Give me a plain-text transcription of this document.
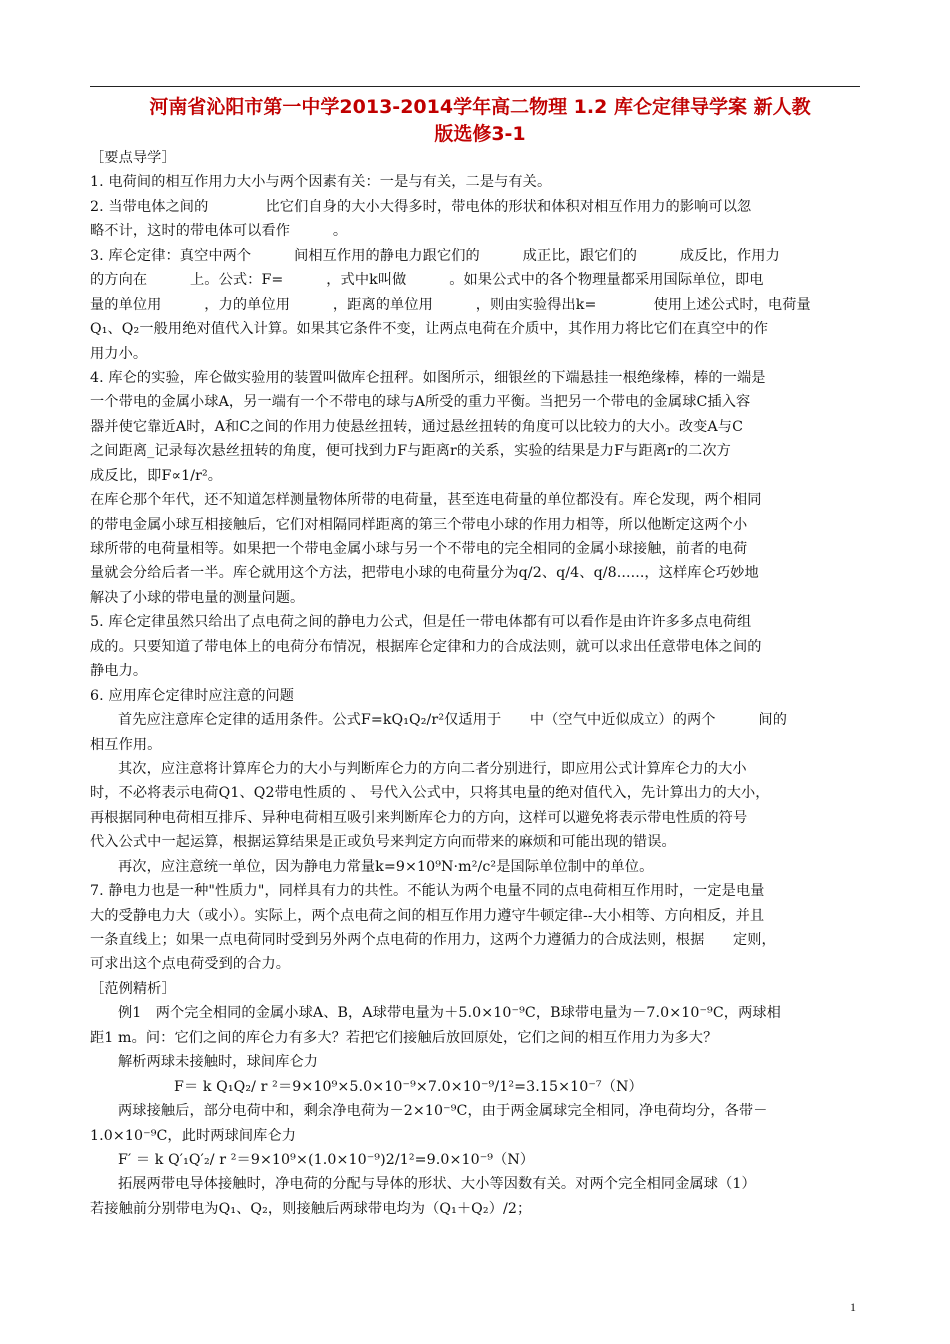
河南省沁阳市第一中学2013-2014学年高二物理 1.2 库仑定律导学案 新人教
版选修3-1
［要点导学］
1. 电荷间的相互作用力大小与两个因素有关：一是与有关，二是与有关。
2. 当带电体之间的　　　　比它们自身的大小大得多时，带电体的形状和体积对相互作用力的影响可以忽
略不计，这时的带电体可以看作　　　。
3. 库仑定律：真空中两个　　　间相互作用的静电力跟它们的　　　成正比，跟它们的　　　成反比，作用力
的方向在　　　上。公式：F=　　　，式中k叫做　　　。如果公式中的各个物理量都采用国际单位，即电
量的单位用　　　，力的单位用　　　，距离的单位用　　　，则由实验得出k=　　　　使用上述公式时，电荷量
Q₁、Q₂一般用绝对值代入计算。如果其它条件不变，让两点电荷在介质中，其作用力将比它们在真空中的作
用力小。
4. 库仑的实验，库仑做实验用的装置叫做库仑扭秤。如图所示，细银丝的下端悬挂一根绝缘棒，棒的一端是
一个带电的金属小球A，另一端有一个不带电的球与A所受的重力平衡。当把另一个带电的金属球C插入容
器并使它靠近A时，A和C之间的作用力使悬丝扭转，通过悬丝扭转的角度可以比较力的大小。改变A与C
之间距离_记录每次悬丝扭转的角度，便可找到力F与距离r的关系，实验的结果是力F与距离r的二次方
成反比，即F∝1/r²。
在库仑那个年代，还不知道怎样测量物体所带的电荷量，甚至连电荷量的单位都没有。库仑发现，两个相同
的带电金属小球互相接触后，它们对相隔同样距离的第三个带电小球的作用力相等，所以他断定这两个小
球所带的电荷量相等。如果把一个带电金属小球与另一个不带电的完全相同的金属小球接触，前者的电荷
量就会分给后者一半。库仑就用这个方法，把带电小球的电荷量分为q/2、q/4、q/8......，这样库仑巧妙地
解决了小球的带电量的测量问题。
5. 库仑定律虽然只给出了点电荷之间的静电力公式，但是任一带电体都有可以看作是由许许多多点电荷组
成的。只要知道了带电体上的电荷分布情况，根据库仑定律和力的合成法则，就可以求出任意带电体之间的
静电力。
6. 应用库仑定律时应注意的问题
首先应注意库仑定律的适用条件。公式F=kQ₁Q₂/r²仅适用于　　中（空气中近似成立）的两个　　　间的
相互作用。
其次，应注意将计算库仑力的大小与判断库仑力的方向二者分别进行，即应用公式计算库仑力的大小
时，不必将表示电荷Q1、Q2带电性质的 、 号代入公式中，只将其电量的绝对值代入，先计算出力的大小，
再根据同种电荷相互排斥、异种电荷相互吸引来判断库仑力的方向，这样可以避免将表示带电性质的符号
代入公式中一起运算，根据运算结果是正或负号来判定方向而带来的麻烦和可能出现的错误。
再次，应注意统一单位，因为静电力常量k=9×10⁹N·m²/c²是国际单位制中的单位。
7. 静电力也是一种"性质力"，同样具有力的共性。不能认为两个电量不同的点电荷相互作用时，一定是电量
大的受静电力大（或小）。实际上，两个点电荷之间的相互作用力遵守牛顿定律--大小相等、方向相反，并且
一条直线上；如果一点电荷同时受到另外两个点电荷的作用力，这两个力遵循力的合成法则，根据　　定则，
可求出这个点电荷受到的合力。
［范例精析］
例1　两个完全相同的金属小球A、B，A球带电量为＋5.0×10⁻⁹C，B球带电量为－7.0×10⁻⁹C，两球相
距1 m。问：它们之间的库仑力有多大？若把它们接触后放回原处，它们之间的相互作用力为多大？
解析两球未接触时，球间库仑力
F＝ k Q₁Q₂/ r ²＝9×10⁹×5.0×10⁻⁹×7.0×10⁻⁹/1²=3.15×10⁻⁷（N）
两球接触后，部分电荷中和，剩余净电荷为－2×10⁻⁹C，由于两金属球完全相同，净电荷均分，各带－
1.0×10⁻⁹C，此时两球间库仑力
F′ ＝ k Q′₁Q′₂/ r ²＝9×10⁹×(1.0×10⁻⁹)2/1²=9.0×10⁻⁹（N）
拓展两带电导体接触时，净电荷的分配与导体的形状、大小等因数有关。对两个完全相同金属球（1）
若接触前分别带电为Q₁、Q₂，则接触后两球带电均为（Q₁＋Q₂）/2；
1
